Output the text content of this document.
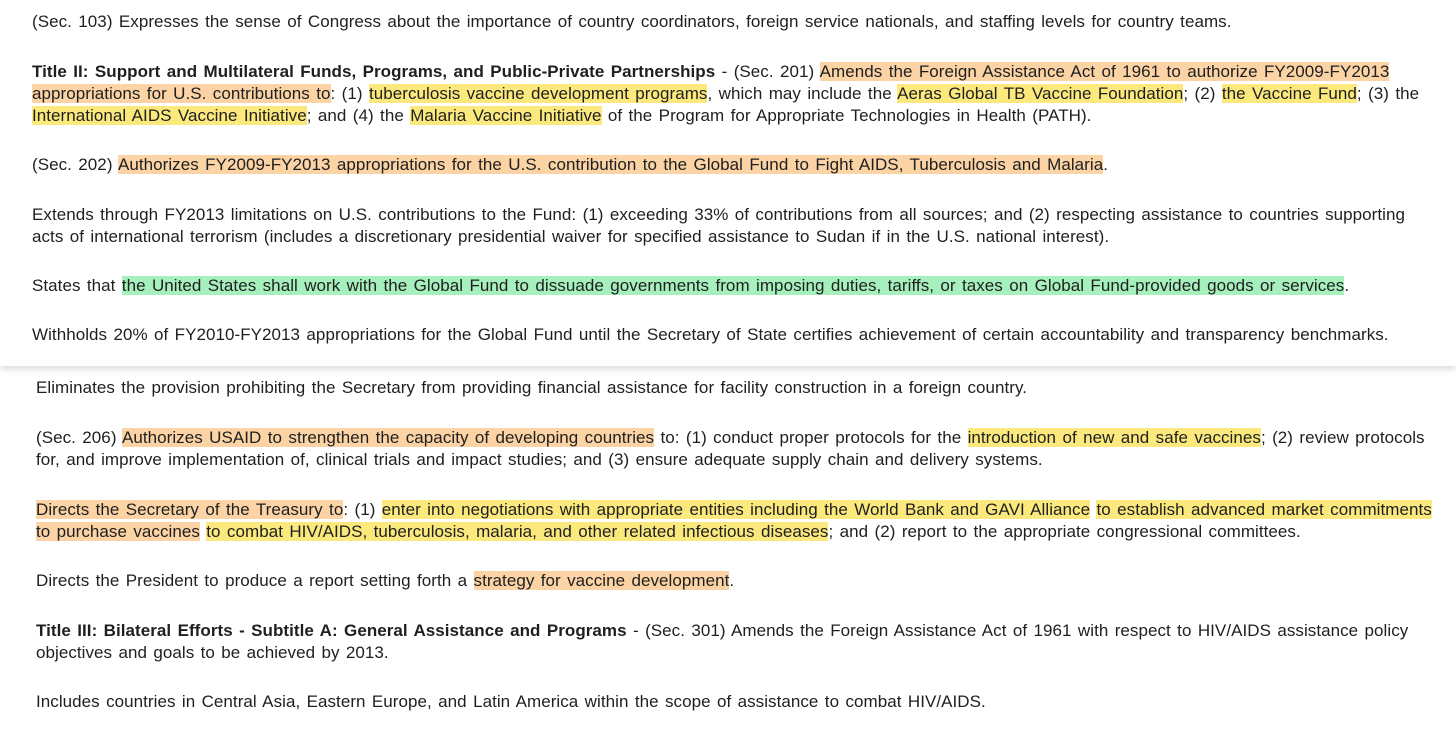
(Sec. 103) Expresses the sense of Congress about the importance of country coordinators, foreign service nationals, and staffing levels for country teams.

Title II: Support and Multilateral Funds, Programs, and Public-Private Partnerships - (Sec. 201) Amends the Foreign Assistance Act of 1961 to authorize FY2009-FY2013 appropriations for U.S. contributions to: (1) tuberculosis vaccine development programs, which may include the Aeras Global TB Vaccine Foundation; (2) the Vaccine Fund; (3) the International AIDS Vaccine Initiative; and (4) the Malaria Vaccine Initiative of the Program for Appropriate Technologies in Health (PATH).

(Sec. 202) Authorizes FY2009-FY2013 appropriations for the U.S. contribution to the Global Fund to Fight AIDS, Tuberculosis and Malaria.

Extends through FY2013 limitations on U.S. contributions to the Fund: (1) exceeding 33% of contributions from all sources; and (2) respecting assistance to countries supporting acts of international terrorism (includes a discretionary presidential waiver for specified assistance to Sudan if in the U.S. national interest).

States that the United States shall work with the Global Fund to dissuade governments from imposing duties, tariffs, or taxes on Global Fund-provided goods or services.

Withholds 20% of FY2010-FY2013 appropriations for the Global Fund until the Secretary of State certifies achievement of certain accountability and transparency benchmarks.

Eliminates the provision prohibiting the Secretary from providing financial assistance for facility construction in a foreign country.

(Sec. 206) Authorizes USAID to strengthen the capacity of developing countries to: (1) conduct proper protocols for the introduction of new and safe vaccines; (2) review protocols for, and improve implementation of, clinical trials and impact studies; and (3) ensure adequate supply chain and delivery systems.

Directs the Secretary of the Treasury to: (1) enter into negotiations with appropriate entities including the World Bank and GAVI Alliance to establish advanced market commitments to purchase vaccines to combat HIV/AIDS, tuberculosis, malaria, and other related infectious diseases; and (2) report to the appropriate congressional committees.

Directs the President to produce a report setting forth a strategy for vaccine development.

Title III: Bilateral Efforts - Subtitle A: General Assistance and Programs - (Sec. 301) Amends the Foreign Assistance Act of 1961 with respect to HIV/AIDS assistance policy objectives and goals to be achieved by 2013.

Includes countries in Central Asia, Eastern Europe, and Latin America within the scope of assistance to combat HIV/AIDS.
